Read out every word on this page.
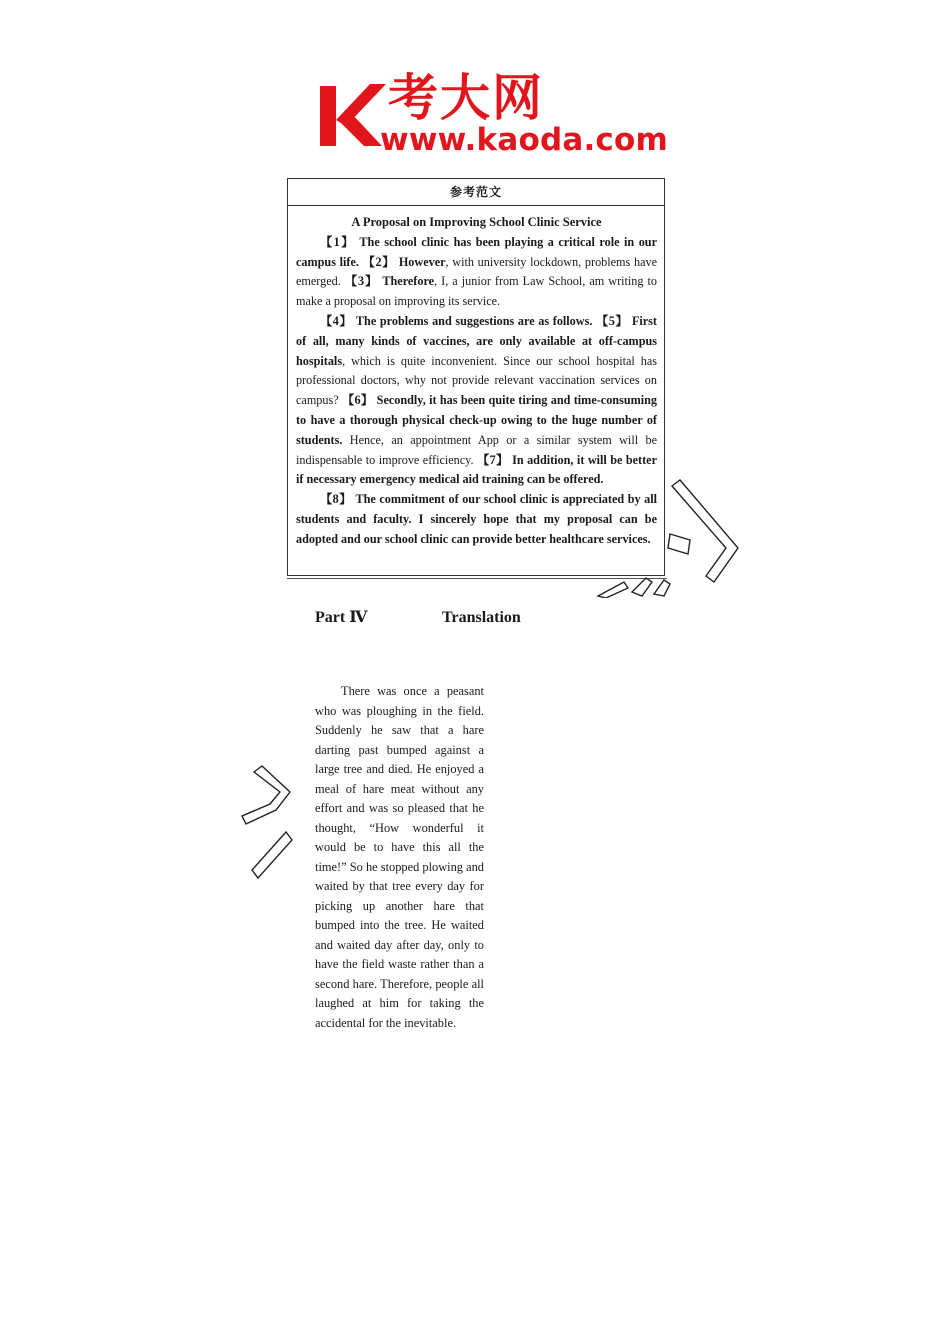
考大网
www.kaoda.com
参考范文

A Proposal on Improving School Clinic Service

【1】 The school clinic has been playing a critical role in our campus life. 【2】 However, with university lockdown, problems have emerged. 【3】 Therefore, I, a junior from Law School, am writing to make a proposal on improving its service.

【4】 The problems and suggestions are as follows. 【5】 First of all, many kinds of vaccines, are only available at off-campus hospitals, which is quite inconvenient. Since our school hospital has professional doctors, why not provide relevant vaccination services on campus? 【6】 Secondly, it has been quite tiring and time-consuming to have a thorough physical check-up owing to the huge number of students. Hence, an appointment App or a similar system will be indispensable to improve efficiency. 【7】 In addition, it will be better if necessary emergency medical aid training can be offered.

【8】 The commitment of our school clinic is appreciated by all students and faculty. I sincerely hope that my proposal can be adopted and our school clinic can provide better healthcare services.

Part Ⅳ	Translation

There was once a peasant who was ploughing in the field. Suddenly he saw that a hare darting past bumped against a large tree and died. He enjoyed a meal of hare meat without any effort and was so pleased that he thought, “How wonderful it would be to have this all the time!” So he stopped plowing and waited by that tree every day for picking up another hare that bumped into the tree. He waited and waited day after day, only to have the field waste rather than a second hare. Therefore, people all laughed at him for taking the accidental for the inevitable.
